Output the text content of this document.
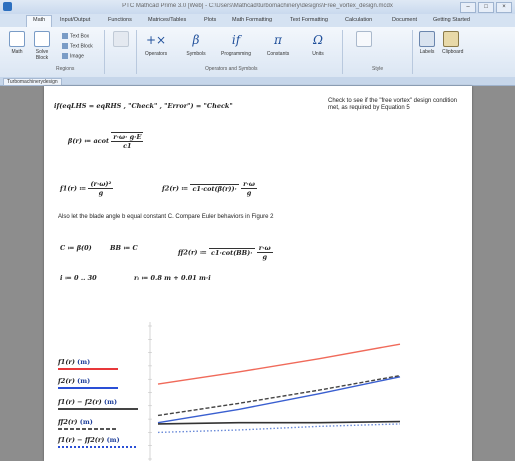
PTC Mathcad Prime 3.0 [Web] - C:\Users\Mathcad\turbomachinery\designs\Free_vortex_design.mcdx	–	□	×
Math	Input/Output	Functions	Matrices/Tables	Plots	Math Formatting	Text Formatting	Calculation	Document	Getting Started
Math	Solve Block
Text Box
Text Block
Image
Regions
+×
Operators
β
Symbols
if
Programming
π
Constants
Ω
Units
Operators and Symbols	Style
Labels	Clipboard
Turbomachinerydesign
if(eqLHS = eqRHS , "Check" , "Error") = "Check"
Check to see if the "free vortex" design condition met, as required by Equation 5
β(r) ≔ acot $\frac{r\cdot\omega\cdot g\cdot E}{c1}$
f1(r) ≔ $\frac{\text{(r·ω)²}}{g}$	f2(r) ≔ $c1\cdot\cot(\beta(r))\cdot \frac{r\cdot\omega}{g}$
Also let the blade angle b equal constant C. Compare Euler behaviors in Figure 2
C ≔ β(0)	BB ≔ C
ff2(r) ≔ $c1\cdot\cot(BB)\cdot \frac{r\cdot\omega}{g}$
i ≔ 0 .. 30	rᵢ ≔ 0.8 m + 0.01 m·i
f1(r) (m)
f2(r) (m)
f1(r) − f2(r) (m)
ff2(r) (m)
f1(r) − ff2(r) (m)
